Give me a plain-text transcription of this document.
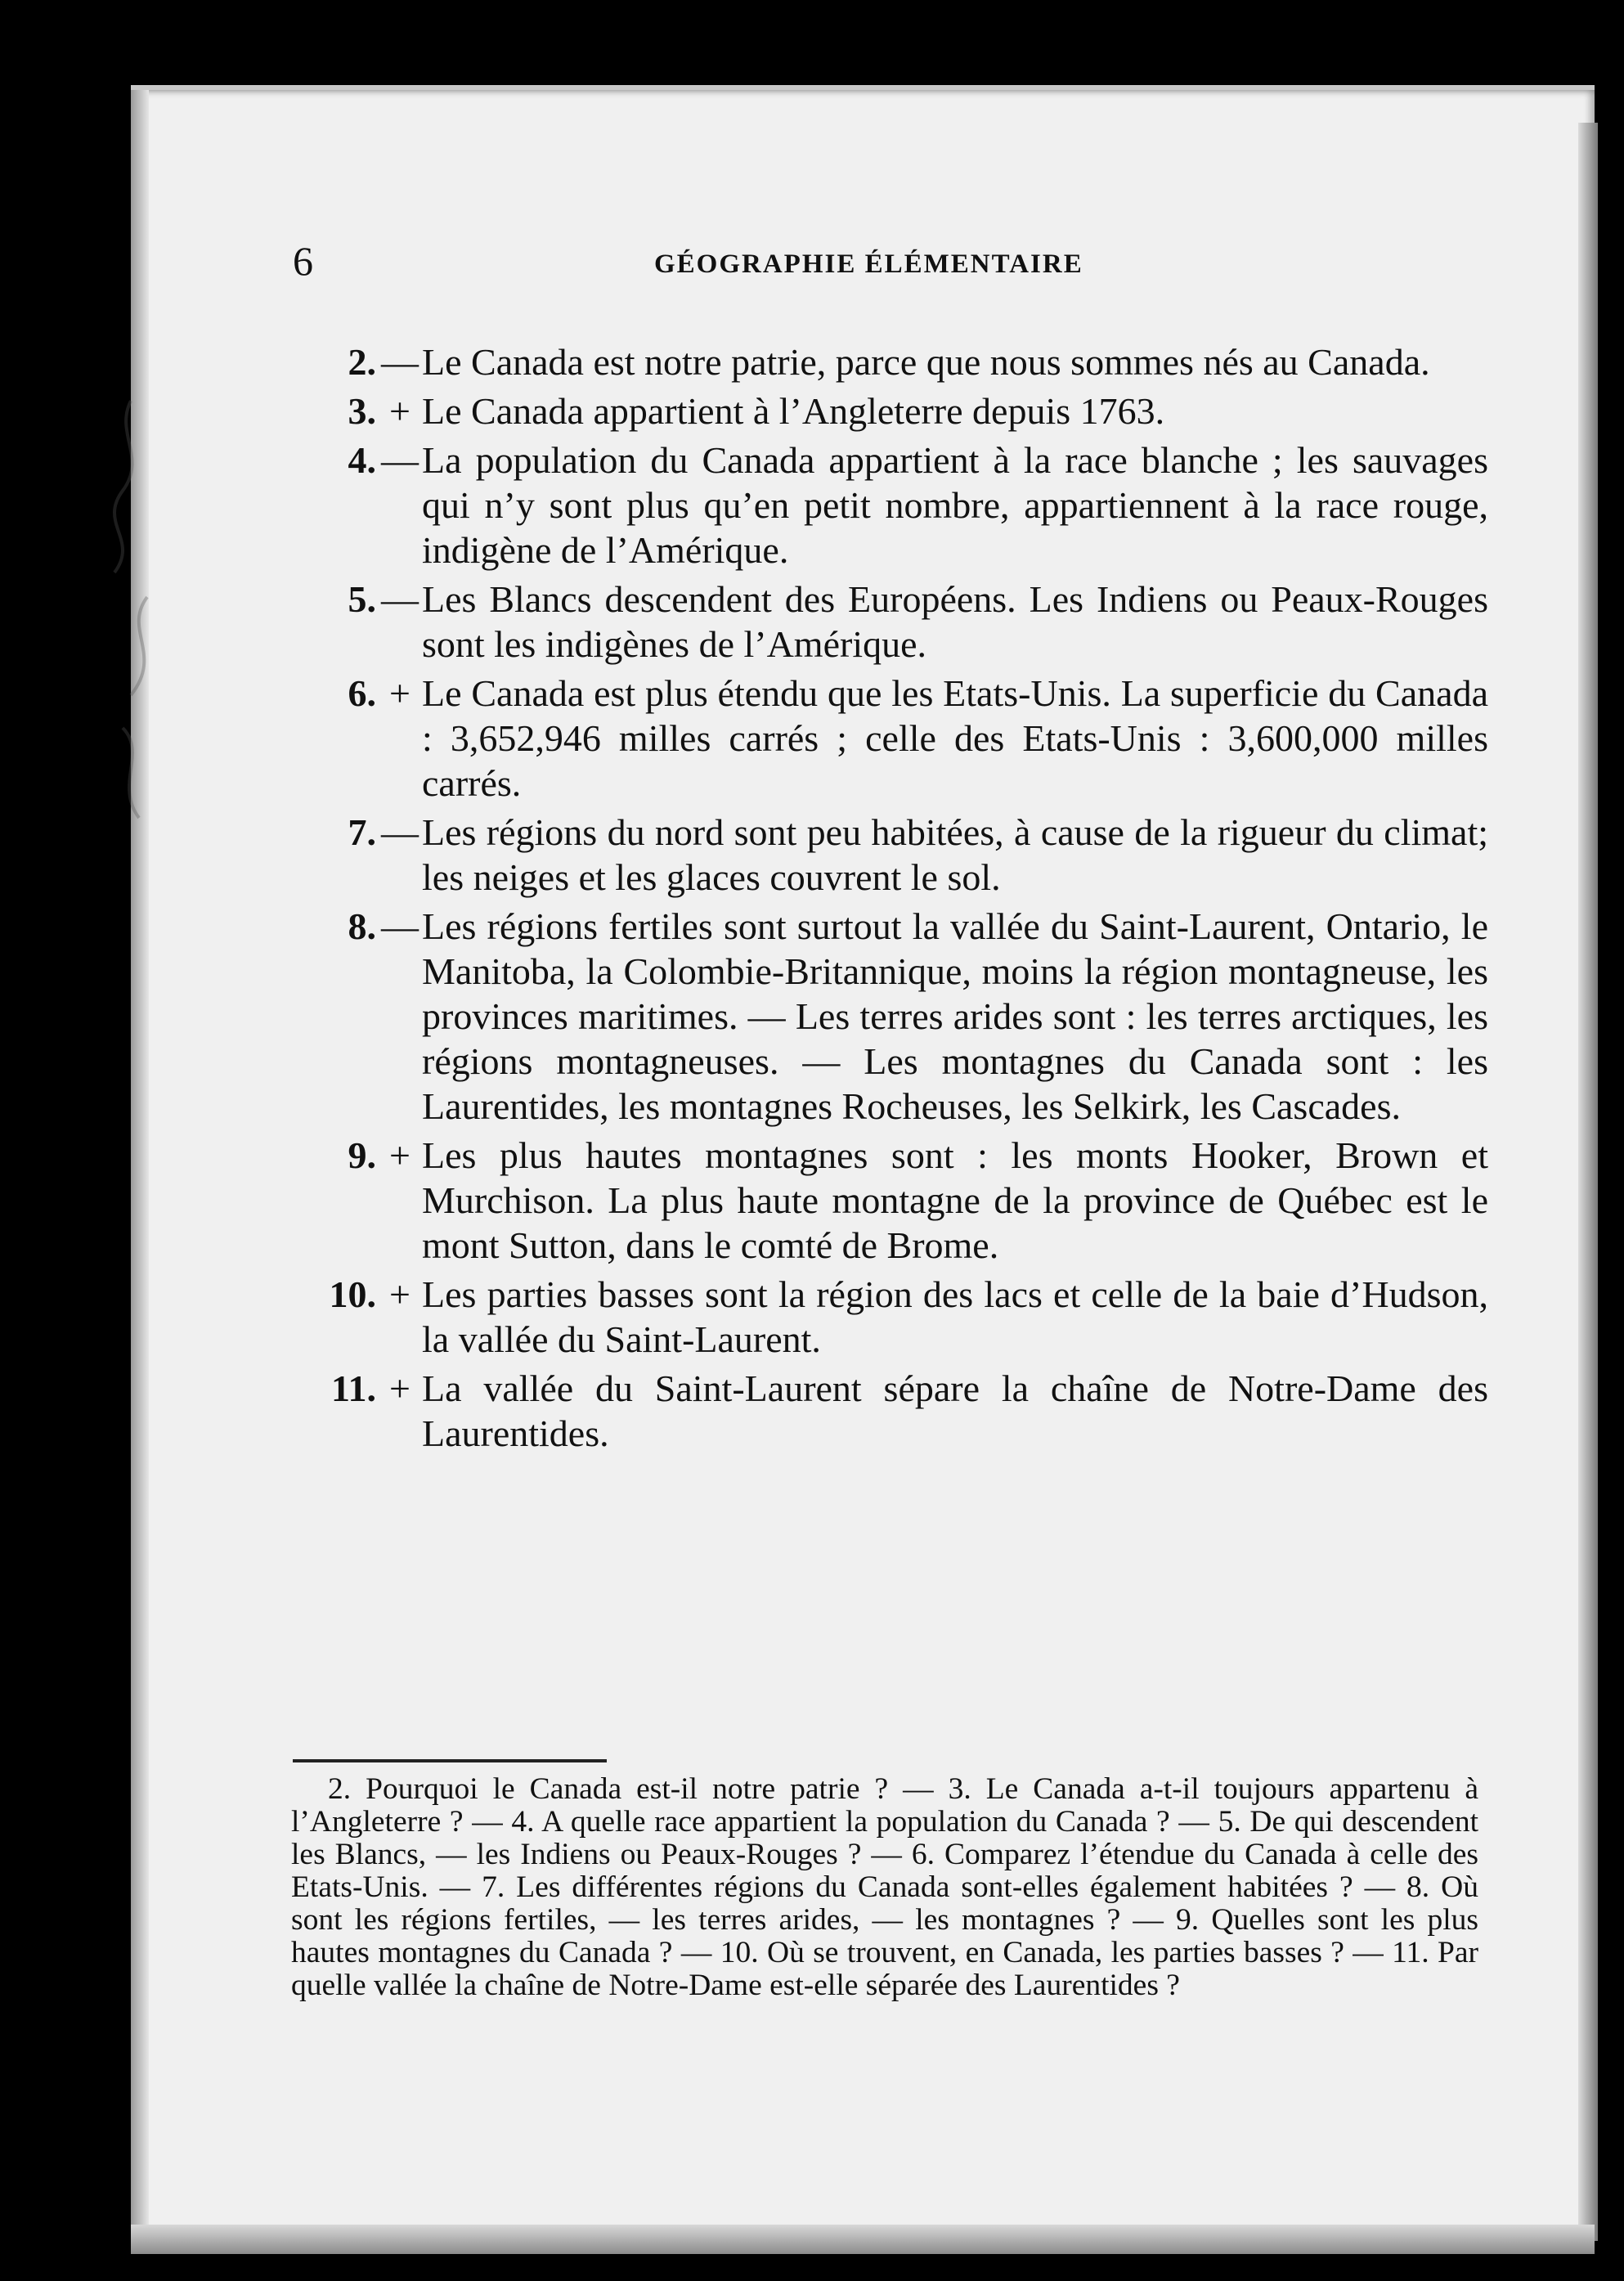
6	GÉOGRAPHIE ÉLÉMENTAIRE
2. — Le Canada est notre patrie, parce que nous sommes nés au Canada.
3. + Le Canada appartient à l’Angleterre depuis 1763.
4. — La population du Canada appartient à la race blanche ; les sauvages qui n’y sont plus qu’en petit nombre, appartiennent à la race rouge, indigène de l’Amérique.
5. — Les Blancs descendent des Européens. Les Indiens ou Peaux-Rouges sont les indigènes de l’Amérique.
6. + Le Canada est plus étendu que les Etats-Unis. La superficie du Canada : 3,652,946 milles carrés ; celle des Etats-Unis : 3,600,000 milles carrés.
7. — Les régions du nord sont peu habitées, à cause de la rigueur du climat; les neiges et les glaces couvrent le sol.
8. — Les régions fertiles sont surtout la vallée du Saint-Laurent, Ontario, le Manitoba, la Colombie-Britannique, moins la région montagneuse, les provinces maritimes. — Les terres arides sont : les terres arctiques, les régions montagneuses. — Les montagnes du Canada sont : les Laurentides, les montagnes Rocheuses, les Selkirk, les Cascades.
9. + Les plus hautes montagnes sont : les monts Hooker, Brown et Murchison. La plus haute montagne de la province de Québec est le mont Sutton, dans le comté de Brome.
10. + Les parties basses sont la région des lacs et celle de la baie d’Hudson, la vallée du Saint-Laurent.
11. + La vallée du Saint-Laurent sépare la chaîne de Notre-Dame des Laurentides.
2. Pourquoi le Canada est-il notre patrie ? — 3. Le Canada a-t-il toujours appartenu à l’Angleterre ? — 4. A quelle race appartient la population du Canada ? — 5. De qui descendent les Blancs, — les Indiens ou Peaux-Rouges ? — 6. Comparez l’étendue du Canada à celle des Etats-Unis. — 7. Les différentes régions du Canada sont-elles également habitées ? — 8. Où sont les régions fertiles, — les terres arides, — les montagnes ? — 9. Quelles sont les plus hautes montagnes du Canada ? — 10. Où se trouvent, en Canada, les parties basses ? — 11. Par quelle vallée la chaîne de Notre-Dame est-elle séparée des Laurentides ?
